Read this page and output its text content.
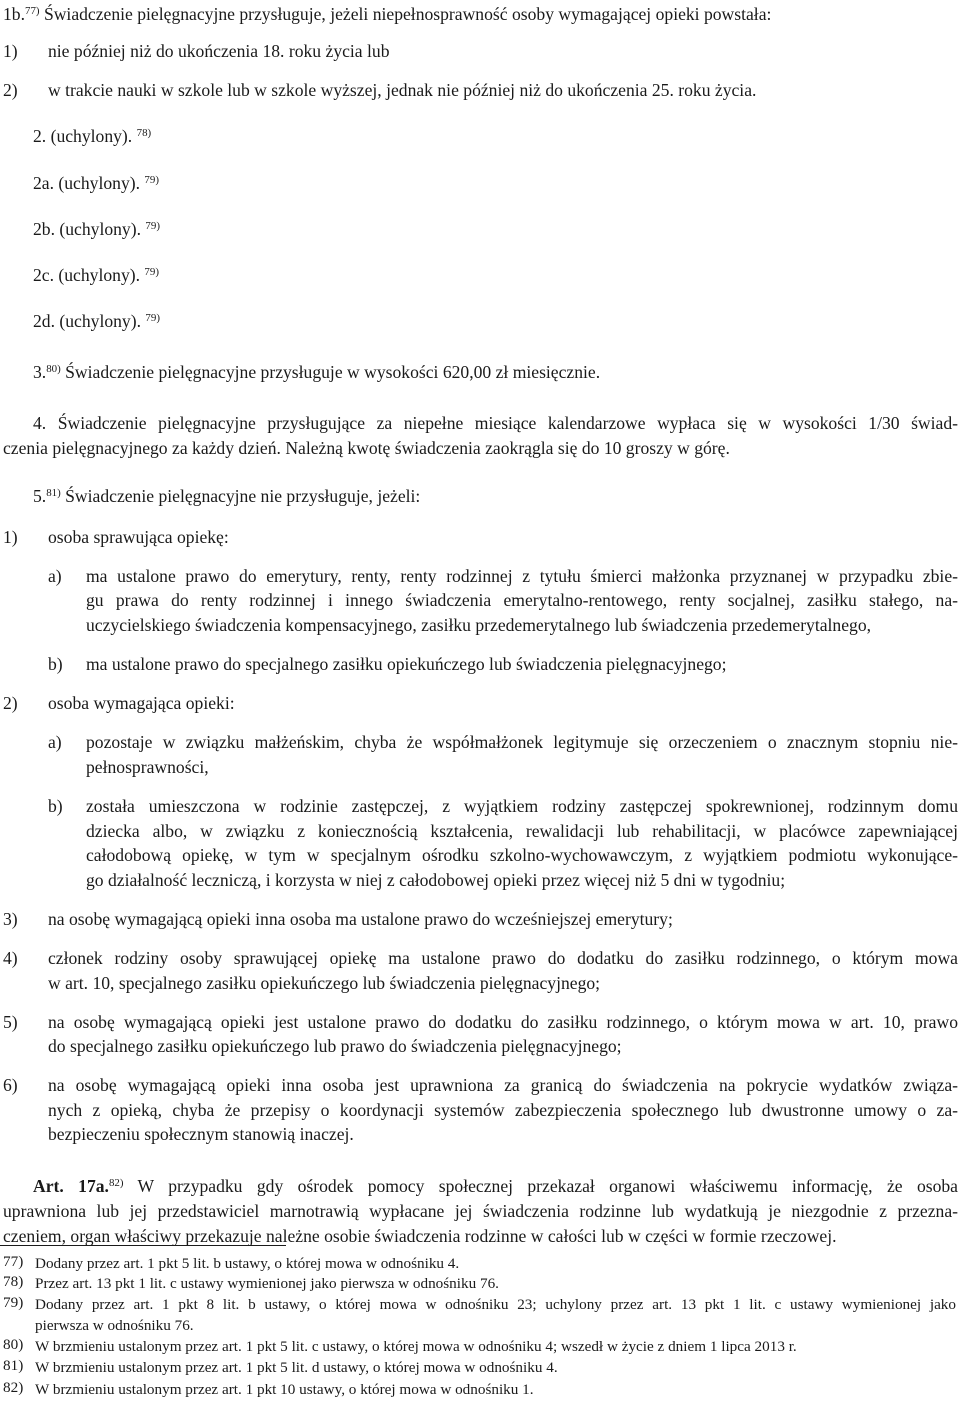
1b.$^{77)}$ Świadczenie pielęgnacyjne przysługuje, jeżeli niepełnosprawność osoby wymagającej opieki powstała:
1) nie później niż do ukończenia 18. roku życia lub
2) w trakcie nauki w szkole lub w szkole wyższej, jednak nie później niż do ukończenia 25. roku życia.
2. (uchylony). $^{78)}$
2a. (uchylony). $^{79)}$
2b. (uchylony). $^{79)}$
2c. (uchylony). $^{79)}$
2d. (uchylony). $^{79)}$
3.$^{80)}$ Świadczenie pielęgnacyjne przysługuje w wysokości 620,00 zł miesięcznie.
4. Świadczenie pielęgnacyjne przysługujące za niepełne miesiące kalendarzowe wypłaca się w wysokości 1/30 świad-
czenia pielęgnacyjnego za każdy dzień. Należną kwotę świadczenia zaokrągla się do 10 groszy w górę.
5.$^{81)}$ Świadczenie pielęgnacyjne nie przysługuje, jeżeli:
1) osoba sprawująca opiekę:
a) ma ustalone prawo do emerytury, renty, renty rodzinnej z tytułu śmierci małżonka przyznanej w przypadku zbie-
gu prawa do renty rodzinnej i innego świadczenia emerytalno-rentowego, renty socjalnej, zasiłku stałego, na-
uczycielskiego świadczenia kompensacyjnego, zasiłku przedemerytalnego lub świadczenia przedemerytalnego,
b) ma ustalone prawo do specjalnego zasiłku opiekuńczego lub świadczenia pielęgnacyjnego;
2) osoba wymagająca opieki:
a) pozostaje w związku małżeńskim, chyba że współmałżonek legitymuje się orzeczeniem o znacznym stopniu nie-
pełnosprawności,
b) została umieszczona w rodzinie zastępczej, z wyjątkiem rodziny zastępczej spokrewnionej, rodzinnym domu
dziecka albo, w związku z koniecznością kształcenia, rewalidacji lub rehabilitacji, w placówce zapewniającej
całodobową opiekę, w tym w specjalnym ośrodku szkolno-wychowawczym, z wyjątkiem podmiotu wykonujące-
go działalność leczniczą, i korzysta w niej z całodobowej opieki przez więcej niż 5 dni w tygodniu;
3) na osobę wymagającą opieki inna osoba ma ustalone prawo do wcześniejszej emerytury;
4) członek rodziny osoby sprawującej opiekę ma ustalone prawo do dodatku do zasiłku rodzinnego, o którym mowa
w art. 10, specjalnego zasiłku opiekuńczego lub świadczenia pielęgnacyjnego;
5) na osobę wymagającą opieki jest ustalone prawo do dodatku do zasiłku rodzinnego, o którym mowa w art. 10, prawo
do specjalnego zasiłku opiekuńczego lub prawo do świadczenia pielęgnacyjnego;
6) na osobę wymagającą opieki inna osoba jest uprawniona za granicą do świadczenia na pokrycie wydatków związa-
nych z opieką, chyba że przepisy o koordynacji systemów zabezpieczenia społecznego lub dwustronne umowy o za-
bezpieczeniu społecznym stanowią inaczej.
Art. 17a.$^{82)}$ W przypadku gdy ośrodek pomocy społecznej przekazał organowi właściwemu informację, że osoba
uprawniona lub jej przedstawiciel marnotrawią wypłacane jej świadczenia rodzinne lub wydatkują je niezgodnie z przezna-
czeniem, organ właściwy przekazuje należne osobie świadczenia rodzinne w całości lub w części w formie rzeczowej.
77) Dodany przez art. 1 pkt 5 lit. b ustawy, o której mowa w odnośniku 4.
78) Przez art. 13 pkt 1 lit. c ustawy wymienionej jako pierwsza w odnośniku 76.
79) Dodany przez art. 1 pkt 8 lit. b ustawy, o której mowa w odnośniku 23; uchylony przez art. 13 pkt 1 lit. c ustawy wymienionej jako
pierwsza w odnośniku 76.
80) W brzmieniu ustalonym przez art. 1 pkt 5 lit. c ustawy, o której mowa w odnośniku 4; wszedł w życie z dniem 1 lipca 2013 r.
81) W brzmieniu ustalonym przez art. 1 pkt 5 lit. d ustawy, o której mowa w odnośniku 4.
82) W brzmieniu ustalonym przez art. 1 pkt 10 ustawy, o której mowa w odnośniku 1.
